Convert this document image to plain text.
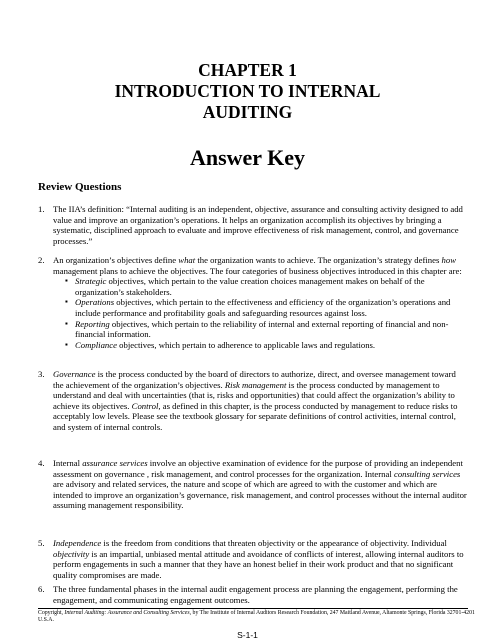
CHAPTER 1
INTRODUCTION TO INTERNAL
AUDITING
Answer Key
Review Questions
1. The IIA’s definition: “Internal auditing is an independent, objective, assurance and consulting activity designed to add value and improve an organization’s operations. It helps an organization accomplish its objectives by bringing a systematic, disciplined approach to evaluate and improve effectiveness of risk management, control, and governance processes.”
2. An organization’s objectives define what the organization wants to achieve. The organization’s strategy defines how management plans to achieve the objectives. The four categories of business objectives introduced in this chapter are:
▪ Strategic objectives, which pertain to the value creation choices management makes on behalf of the organization’s stakeholders.
▪ Operations objectives, which pertain to the effectiveness and efficiency of the organization’s operations and include performance and profitability goals and safeguarding resources against loss.
▪ Reporting objectives, which pertain to the reliability of internal and external reporting of financial and non-financial information.
▪ Compliance objectives, which pertain to adherence to applicable laws and regulations.
3. Governance is the process conducted by the board of directors to authorize, direct, and oversee management toward the achievement of the organization’s objectives. Risk management is the process conducted by management to understand and deal with uncertainties (that is, risks and opportunities) that could affect the organization’s ability to achieve its objectives. Control, as defined in this chapter, is the process conducted by management to reduce risks to acceptably low levels. Please see the textbook glossary for separate definitions of control activities, internal control, and system of internal controls.
4. Internal assurance services involve an objective examination of evidence for the purpose of providing an independent assessment on governance , risk management, and control processes for the organization. Internal consulting services are advisory and related services, the nature and scope of which are agreed to with the customer and which are intended to improve an organization’s governance, risk management, and control processes without the internal auditor assuming management responsibility.
5. Independence is the freedom from conditions that threaten objectivity or the appearance of objectivity. Individual objectivity is an impartial, unbiased mental attitude and avoidance of conflicts of interest, allowing internal auditors to perform engagements in such a manner that they have an honest belief in their work product and that no significant quality compromises are made.
6. The three fundamental phases in the internal audit engagement process are planning the engagement, performing the engagement, and communicating engagement outcomes.
Copyright, Internal Auditing: Assurance and Consulting Services, by The Institute of Internal Auditors Research Foundation, 247 Maitland Avenue, Altamonte Springs, Florida 32701-4201 U.S.A.
S-1-1
